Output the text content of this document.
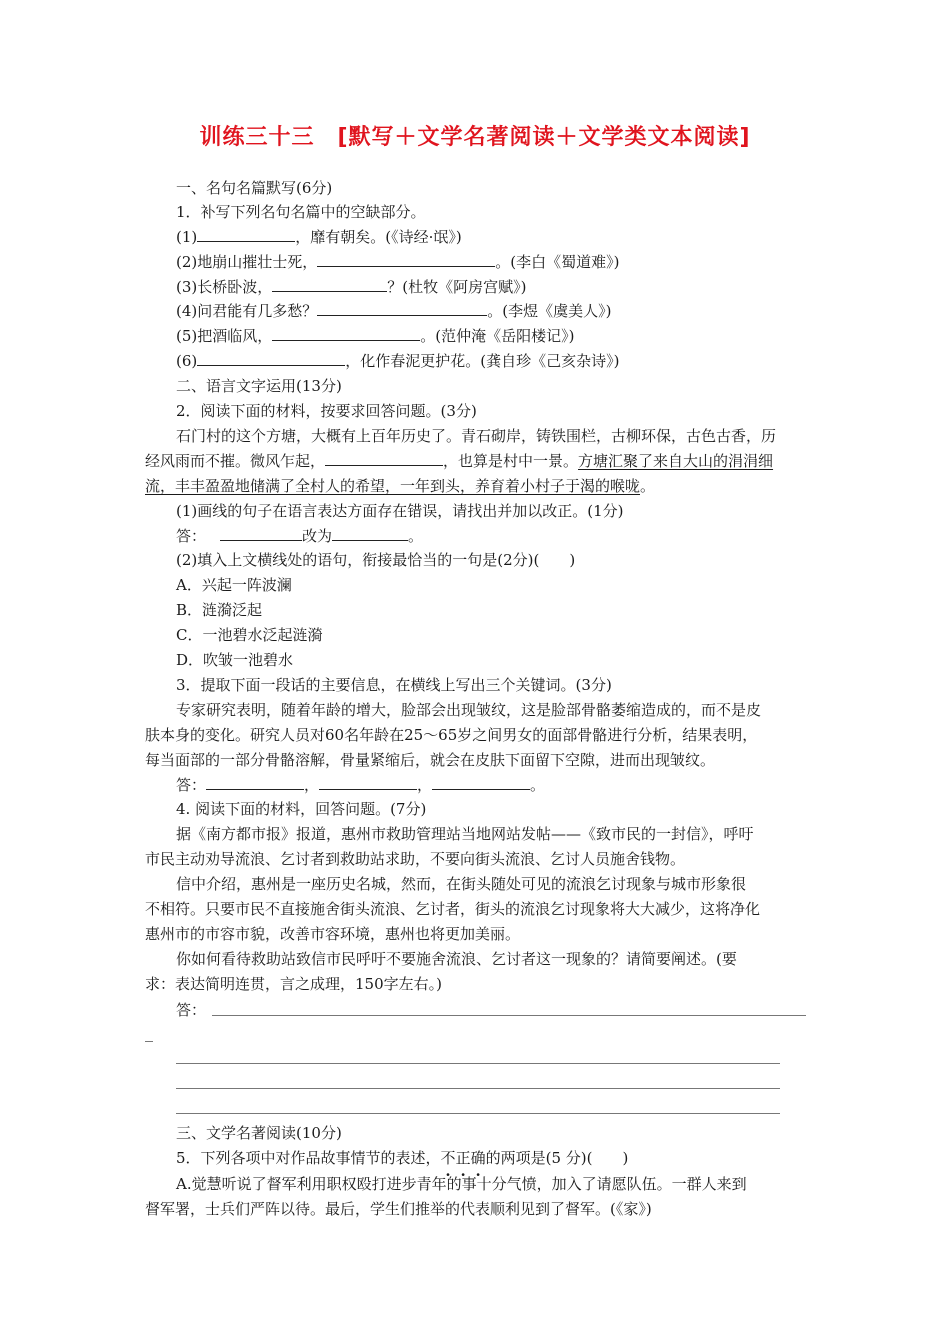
训练三十三　[默写＋文学名著阅读＋文学类文本阅读]
一、名句名篇默写(6分)
1．补写下列名句名篇中的空缺部分。
(1)	，靡有朝矣。(《诗经·氓》)
(2)地崩山摧壮士死，	。(李白《蜀道难》)
(3)长桥卧波，	？(杜牧《阿房宫赋》)
(4)问君能有几多愁？	。(李煜《虞美人》)
(5)把酒临风，	。(范仲淹《岳阳楼记》)
(6)	，化作春泥更护花。(龚自珍《己亥杂诗》)
二、语言文字运用(13分)
2．阅读下面的材料，按要求回答问题。(3分)
石门村的这个方塘，大概有上百年历史了。青石砌岸，铸铁围栏，古柳环保，古色古香，历
经风雨而不摧。微风乍起，	，也算是村中一景。方塘汇聚了来自大山的涓涓细
流，丰丰盈盈地储满了全村人的希望，一年到头，养育着小村子于渴的喉咙。
(1)画线的句子在语言表达方面存在错误，请找出并加以改正。(1分)
答：	改为	。
(2)填入上文横线处的语句，衔接最恰当的一句是(2分)(　　)
A．兴起一阵波澜
B．涟漪泛起
C．一池碧水泛起涟漪
D．吹皱一池碧水
3．提取下面一段话的主要信息，在横线上写出三个关键词。(3分)
专家研究表明，随着年龄的增大，脸部会出现皱纹，这是脸部骨骼萎缩造成的，而不是皮
肤本身的变化。研究人员对60名年龄在25～65岁之间男女的面部骨骼进行分析，结果表明，
每当面部的一部分骨骼溶解，骨量紧缩后，就会在皮肤下面留下空隙，进而出现皱纹。
答：	，	，	。
4. 阅读下面的材料，回答问题。(7分)
据《南方都市报》报道，惠州市救助管理站当地网站发帖——《致市民的一封信》，呼吁
市民主动劝导流浪、乞讨者到救助站求助，不要向街头流浪、乞讨人员施舍钱物。
信中介绍，惠州是一座历史名城，然而，在街头随处可见的流浪乞讨现象与城市形象很
不相符。只要市民不直接施舍街头流浪、乞讨者，街头的流浪乞讨现象将大大减少，这将净化
惠州市的市容市貌，改善市容环境，惠州也将更加美丽。
你如何看待救助站致信市民呼吁不要施舍流浪、乞讨者这一现象的？请简要阐述。(要
求：表达简明连贯，言之成理，150字左右。)
答：
三、文学名著阅读(10分)
5．下列各项中对作品故事情节的表述，不正确的两项是(5 分)(　　)
A.觉慧听说了督军利用职权殴打进步青年的事十分气愤，加入了请愿队伍。一群人来到
督军署，士兵们严阵以待。最后，学生们推举的代表顺利见到了督军。(《家》)
